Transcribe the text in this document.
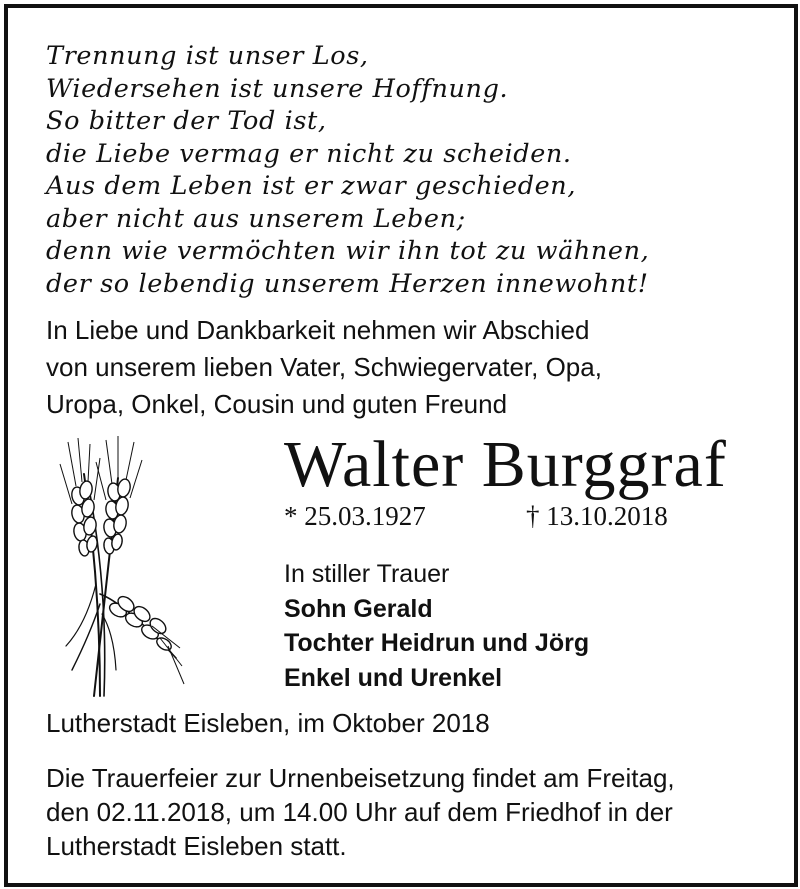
Trennung ist unser Los,
Wiedersehen ist unsere Hoffnung.
So bitter der Tod ist,
die Liebe vermag er nicht zu scheiden.
Aus dem Leben ist er zwar geschieden,
aber nicht aus unserem Leben;
denn wie vermöchten wir ihn tot zu wähnen,
der so lebendig unserem Herzen innewohnt!
In Liebe und Dankbarkeit nehmen wir Abschied
von unserem lieben Vater, Schwiegervater, Opa,
Uropa, Onkel, Cousin und guten Freund
Walter Burggraf
* 25.03.1927	† 13.10.2018
In stiller Trauer
Sohn Gerald
Tochter Heidrun und Jörg
Enkel und Urenkel
Lutherstadt Eisleben, im Oktober 2018
Die Trauerfeier zur Urnenbeisetzung findet am Freitag,
den 02.11.2018, um 14.00 Uhr auf dem Friedhof in der
Lutherstadt Eisleben statt.
